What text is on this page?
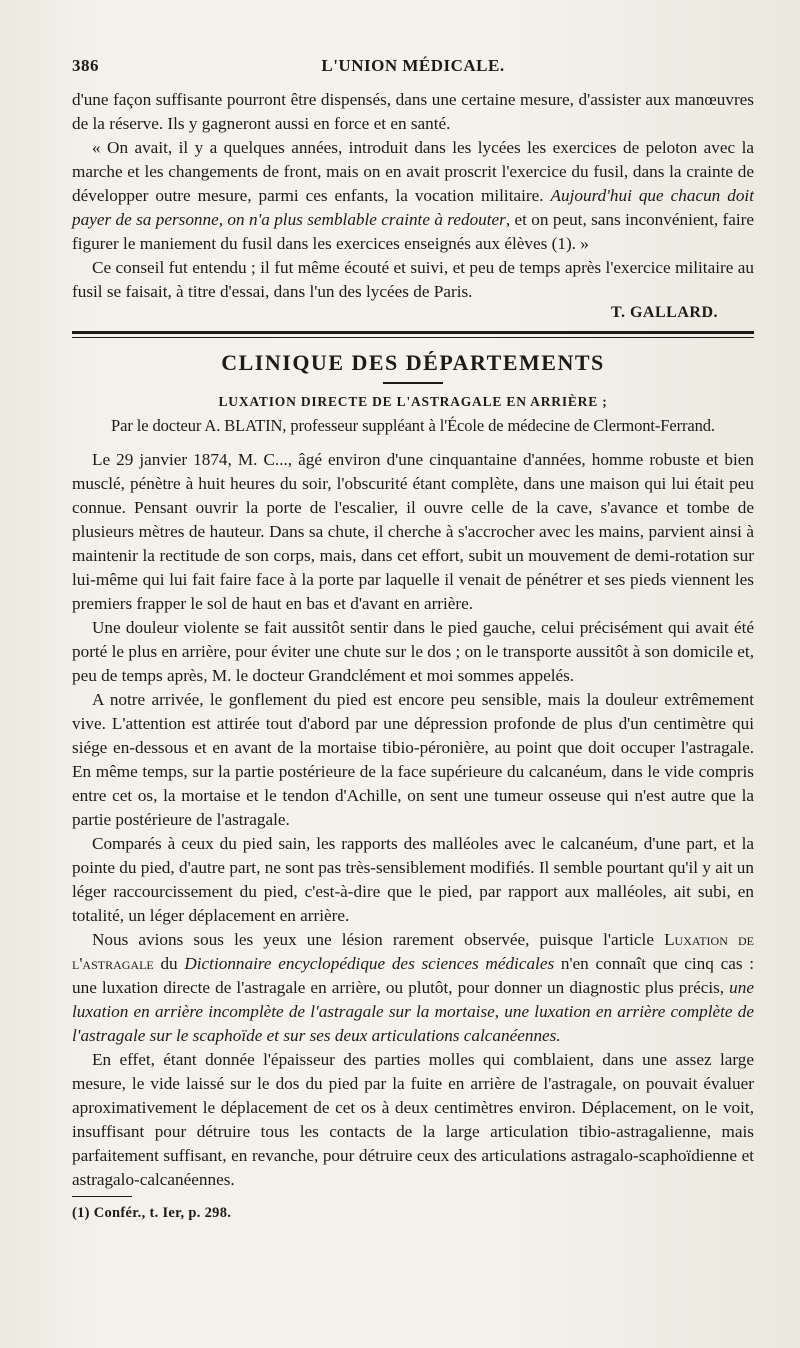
386	L'UNION MÉDICALE.

d'une façon suffisante pourront être dispensés, dans une certaine mesure, d'assister aux manœuvres de la réserve. Ils y gagneront aussi en force et en santé.

« On avait, il y a quelques années, introduit dans les lycées les exercices de peloton avec la marche et les changements de front, mais on en avait proscrit l'exercice du fusil, dans la crainte de développer outre mesure, parmi ces enfants, la vocation militaire. Aujourd'hui que chacun doit payer de sa personne, on n'a plus semblable crainte à redouter, et on peut, sans inconvénient, faire figurer le maniement du fusil dans les exercices enseignés aux élèves (1). »

Ce conseil fut entendu ; il fut même écouté et suivi, et peu de temps après l'exercice militaire au fusil se faisait, à titre d'essai, dans l'un des lycées de Paris.

T. GALLARD.
CLINIQUE DES DÉPARTEMENTS
LUXATION DIRECTE DE L'ASTRAGALE EN ARRIÈRE ;
Par le docteur A. BLATIN, professeur suppléant à l'École de médecine de Clermont-Ferrand.

Le 29 janvier 1874, M. C..., âgé environ d'une cinquantaine d'années, homme robuste et bien musclé, pénètre à huit heures du soir, l'obscurité étant complète, dans une maison qui lui était peu connue. Pensant ouvrir la porte de l'escalier, il ouvre celle de la cave, s'avance et tombe de plusieurs mètres de hauteur. Dans sa chute, il cherche à s'accrocher avec les mains, parvient ainsi à maintenir la rectitude de son corps, mais, dans cet effort, subit un mouvement de demi-rotation sur lui-même qui lui fait faire face à la porte par laquelle il venait de pénétrer et ses pieds viennent les premiers frapper le sol de haut en bas et d'avant en arrière.

Une douleur violente se fait aussitôt sentir dans le pied gauche, celui précisément qui avait été porté le plus en arrière, pour éviter une chute sur le dos ; on le transporte aussitôt à son domicile et, peu de temps après, M. le docteur Grandclément et moi sommes appelés.

A notre arrivée, le gonflement du pied est encore peu sensible, mais la douleur extrêmement vive. L'attention est attirée tout d'abord par une dépression profonde de plus d'un centimètre qui siége en-dessous et en avant de la mortaise tibio-péronière, au point que doit occuper l'astragale. En même temps, sur la partie postérieure de la face supérieure du calcanéum, dans le vide compris entre cet os, la mortaise et le tendon d'Achille, on sent une tumeur osseuse qui n'est autre que la partie postérieure de l'astragale.

Comparés à ceux du pied sain, les rapports des malléoles avec le calcanéum, d'une part, et la pointe du pied, d'autre part, ne sont pas très-sensiblement modifiés. Il semble pourtant qu'il y ait un léger raccourcissement du pied, c'est-à-dire que le pied, par rapport aux malléoles, ait subi, en totalité, un léger déplacement en arrière.

Nous avions sous les yeux une lésion rarement observée, puisque l'article Luxation de l'astragale du Dictionnaire encyclopédique des sciences médicales n'en connaît que cinq cas : une luxation directe de l'astragale en arrière, ou plutôt, pour donner un diagnostic plus précis, une luxation en arrière incomplète de l'astragale sur la mortaise, une luxation en arrière complète de l'astragale sur le scaphoïde et sur ses deux articulations calcanéennes.

En effet, étant donnée l'épaisseur des parties molles qui comblaient, dans une assez large mesure, le vide laissé sur le dos du pied par la fuite en arrière de l'astragale, on pouvait évaluer aproximativement le déplacement de cet os à deux centimètres environ. Déplacement, on le voit, insuffisant pour détruire tous les contacts de la large articulation tibio-astragalienne, mais parfaitement suffisant, en revanche, pour détruire ceux des articulations astragalo-scaphoïdienne et astragalo-calcanéennes.

(1) Confér., t. Ier, p. 298.
